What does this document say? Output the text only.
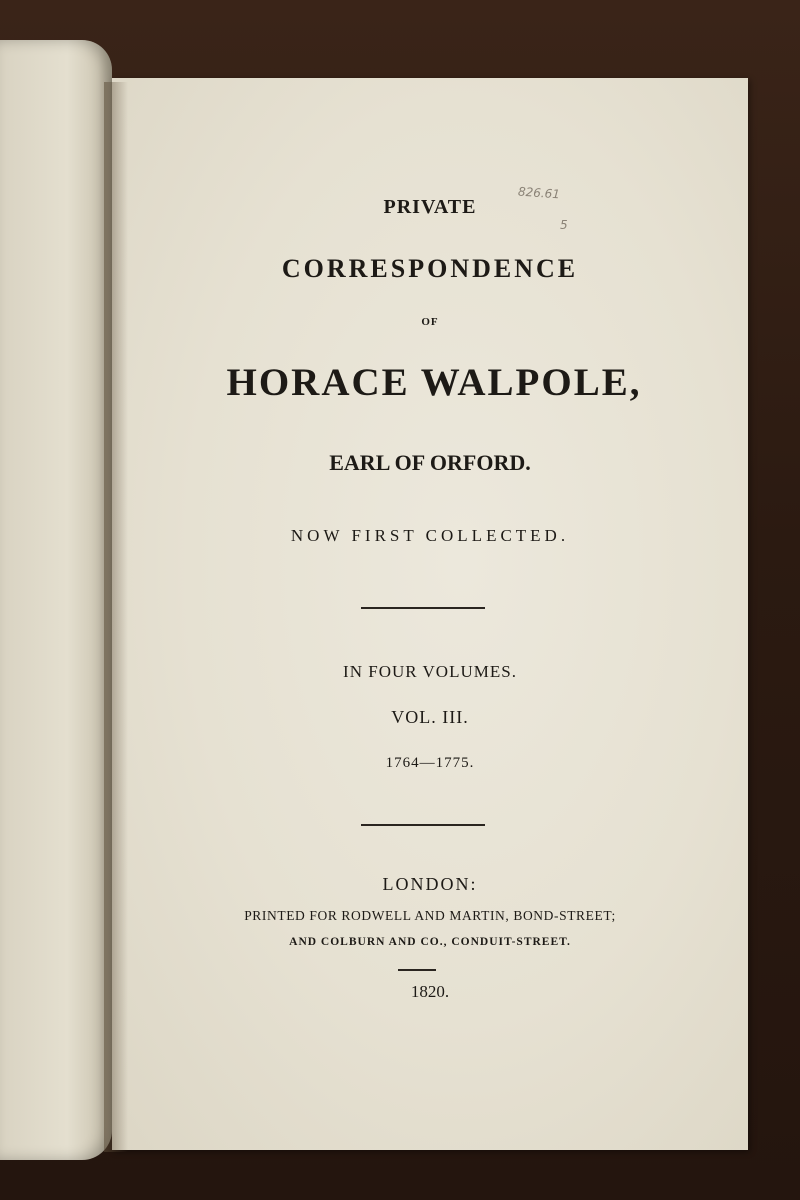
826.61
5
PRIVATE
CORRESPONDENCE
OF
HORACE WALPOLE,
EARL OF ORFORD.
NOW FIRST COLLECTED.
IN FOUR VOLUMES.
VOL. III.
1764—1775.
LONDON:
PRINTED FOR RODWELL AND MARTIN, BOND-STREET;
AND COLBURN AND CO., CONDUIT-STREET.
1820.
